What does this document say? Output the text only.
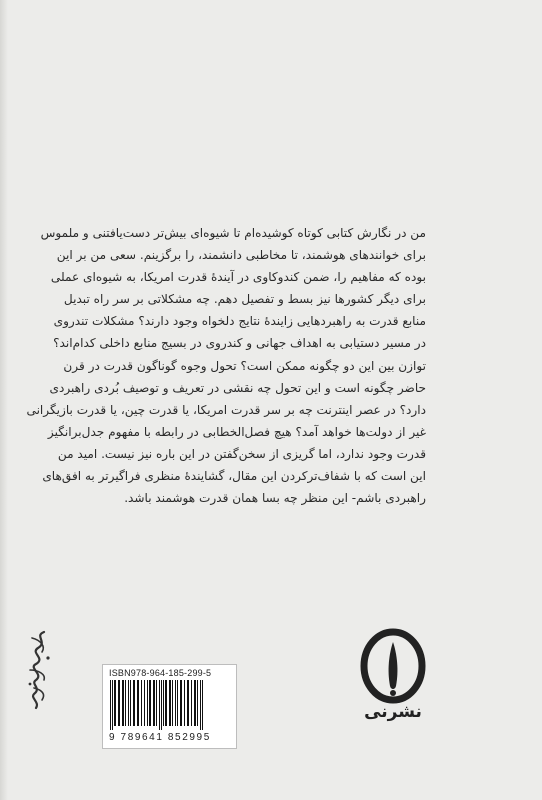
من در نگارش کتابی کوتاه کوشیده‌ام تا شیوه‌ای بیش‌تر دست‌یافتنی و ملموس
برای خوانندهای هوشمند، تا مخاطبی دانشمند، را برگزینم. سعی من بر این
بوده که مفاهیم را، ضمن کندوکاوی در آیندهٔ قدرت امریکا، به شیوه‌ای عملی
برای دیگر کشورها نیز بسط و تفصیل دهم. چه مشکلاتی بر سر راه تبدیل
منابع قدرت به راهبردهایی زایندهٔ نتایج دلخواه وجود دارند؟ مشکلات تندروی
در مسیر دستیابی به اهداف جهانی و کندروی در بسیج منابع داخلی کدام‌اند؟
توازن بین این دو چگونه ممکن است؟ تحول وجوه گوناگون قدرت در قرن
حاضر چگونه است و این تحول چه نقشی در تعریف و توصیف بُردی راهبردی
دارد؟ در عصر اینترنت چه بر سر قدرت امریکا، یا قدرت چین، یا قدرت بازیگرانی
غیر از دولت‌ها خواهد آمد؟ هیچ فصل‌الخطابی در رابطه با مفهوم جدل‌برانگیز
قدرت وجود ندارد، اما گریزی از سخن‌گفتن در این باره نیز نیست. امید من
این است که با شفاف‌ترکردن این مقال، گشایندهٔ منظری فراگیرتر به افق‌های
راهبردی باشم- این منظر چه بسا همان قدرت هوشمند باشد.
ISBN978-964-185-299-5
9 789641 852995
نشرنی
